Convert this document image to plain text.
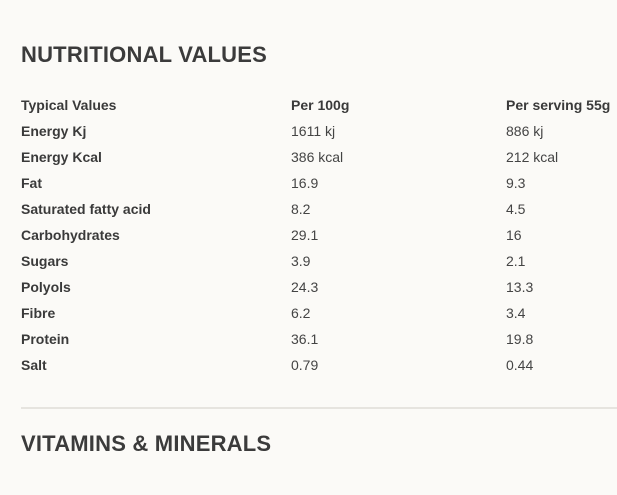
NUTRITIONAL VALUES
Typical Values	Per 100g	Per serving 55g
Energy Kj	1611 kj	886 kj
Energy Kcal	386 kcal	212 kcal
Fat	16.9	9.3
Saturated fatty acid	8.2	4.5
Carbohydrates	29.1	16
Sugars	3.9	2.1
Polyols	24.3	13.3
Fibre	6.2	3.4
Protein	36.1	19.8
Salt	0.79	0.44
VITAMINS & MINERALS
